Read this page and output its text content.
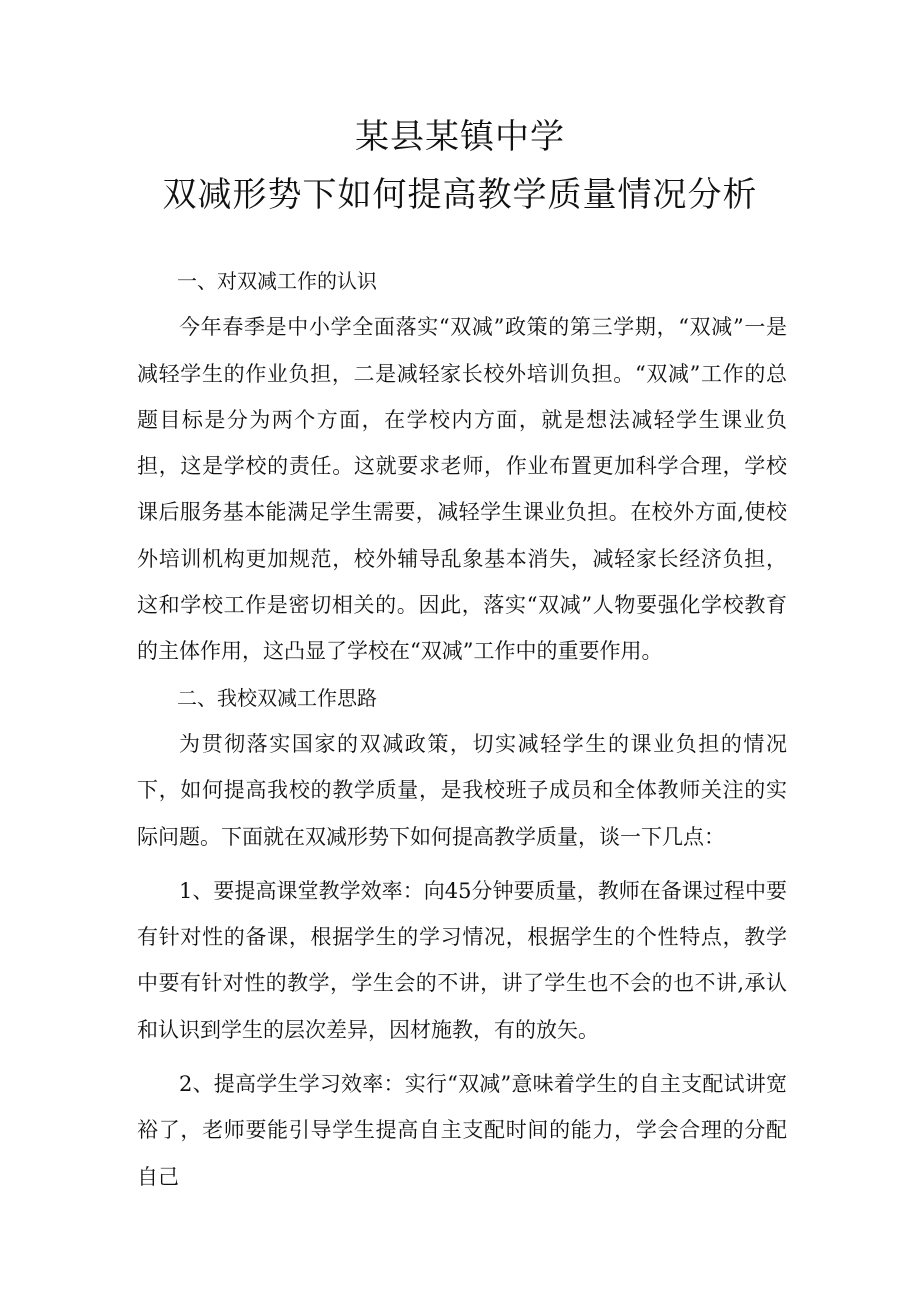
某县某镇中学
双减形势下如何提高教学质量情况分析

一、对双减工作的认识

今年春季是中小学全面落实“双减”政策的第三学期，“双减”一是减轻学生的作业负担，二是减轻家长校外培训负担。“双减”工作的总题目标是分为两个方面，在学校内方面，就是想法减轻学生课业负担，这是学校的责任。这就要求老师，作业布置更加科学合理，学校课后服务基本能满足学生需要，减轻学生课业负担。在校外方面,使校外培训机构更加规范，校外辅导乱象基本消失，减轻家长经济负担，这和学校工作是密切相关的。因此，落实“双减”人物要强化学校教育的主体作用，这凸显了学校在“双减”工作中的重要作用。

二、我校双减工作思路

为贯彻落实国家的双减政策，切实减轻学生的课业负担的情况下，如何提高我校的教学质量，是我校班子成员和全体教师关注的实际问题。下面就在双减形势下如何提高教学质量，谈一下几点：

1、要提高课堂教学效率：向45分钟要质量，教师在备课过程中要有针对性的备课，根据学生的学习情况，根据学生的个性特点，教学中要有针对性的教学，学生会的不讲，讲了学生也不会的也不讲,承认和认识到学生的层次差异，因材施教，有的放矢。

2、提高学生学习效率：实行“双减”意味着学生的自主支配试讲宽裕了，老师要能引导学生提高自主支配时间的能力，学会合理的分配自己
